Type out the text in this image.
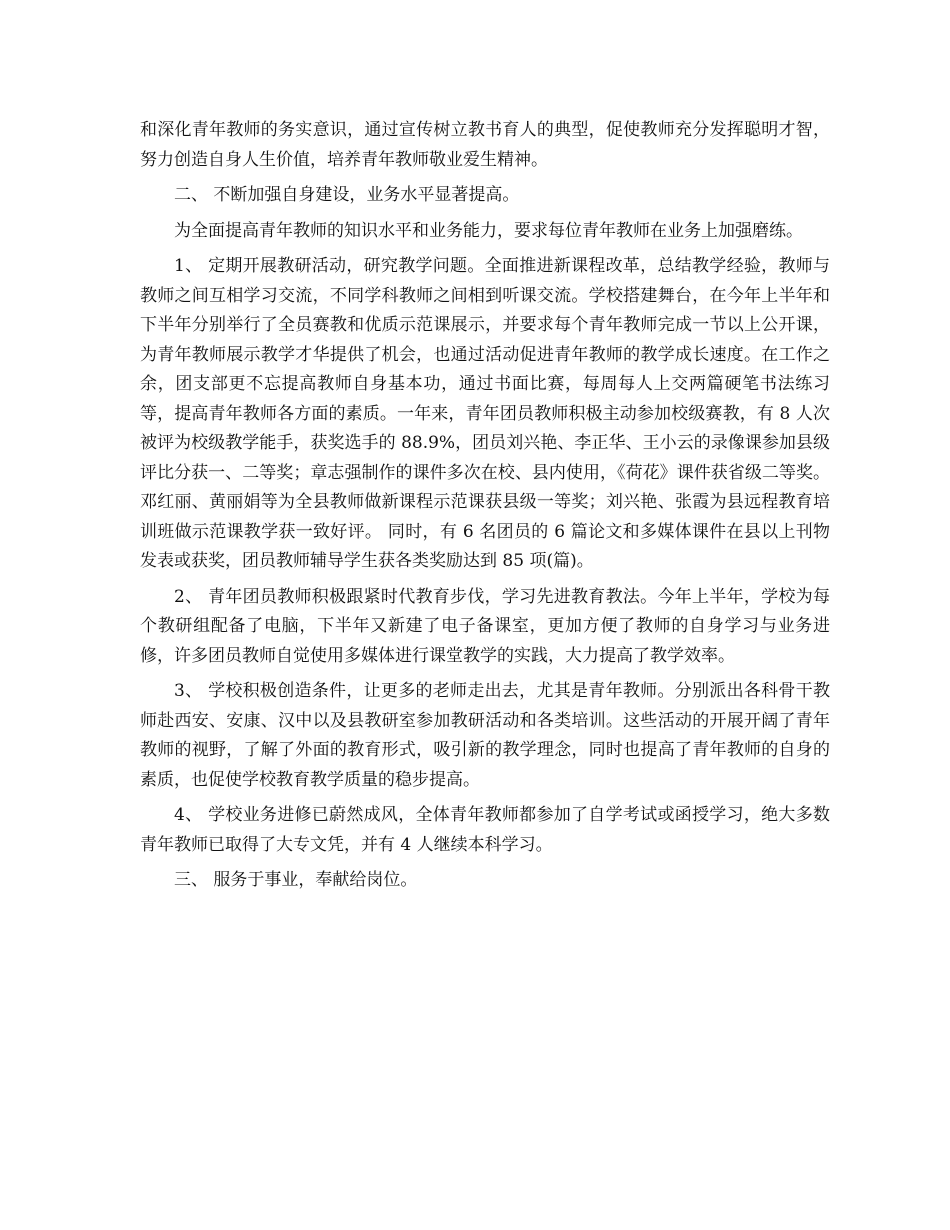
和深化青年教师的务实意识，通过宣传树立教书育人的典型，促使教师充分发挥聪明才智，努力创造自身人生价值，培养青年教师敬业爱生精神。

二、 不断加强自身建设，业务水平显著提高。

为全面提高青年教师的知识水平和业务能力，要求每位青年教师在业务上加强磨练。

1、 定期开展教研活动，研究教学问题。全面推进新课程改革，总结教学经验，教师与教师之间互相学习交流，不同学科教师之间相到听课交流。学校搭建舞台，在今年上半年和下半年分别举行了全员赛教和优质示范课展示，并要求每个青年教师完成一节以上公开课，为青年教师展示教学才华提供了机会，也通过活动促进青年教师的教学成长速度。在工作之余，团支部更不忘提高教师自身基本功，通过书面比赛，每周每人上交两篇硬笔书法练习等，提高青年教师各方面的素质。一年来，青年团员教师积极主动参加校级赛教，有 8 人次被评为校级教学能手，获奖选手的 88.9%，团员刘兴艳、李正华、王小云的录像课参加县级评比分获一、二等奖；章志强制作的课件多次在校、县内使用，《荷花》课件获省级二等奖。邓红丽、黄丽娟等为全县教师做新课程示范课获县级一等奖；刘兴艳、张霞为县远程教育培训班做示范课教学获一致好评。 同时，有 6 名团员的 6 篇论文和多媒体课件在县以上刊物发表或获奖，团员教师辅导学生获各类奖励达到 85 项(篇)。

2、 青年团员教师积极跟紧时代教育步伐，学习先进教育教法。今年上半年，学校为每个教研组配备了电脑，下半年又新建了电子备课室，更加方便了教师的自身学习与业务进修，许多团员教师自觉使用多媒体进行课堂教学的实践，大力提高了教学效率。

3、 学校积极创造条件，让更多的老师走出去，尤其是青年教师。分别派出各科骨干教师赴西安、安康、汉中以及县教研室参加教研活动和各类培训。这些活动的开展开阔了青年教师的视野，了解了外面的教育形式，吸引新的教学理念，同时也提高了青年教师的自身的素质，也促使学校教育教学质量的稳步提高。

4、 学校业务进修已蔚然成风，全体青年教师都参加了自学考试或函授学习，绝大多数青年教师已取得了大专文凭，并有 4 人继续本科学习。

三、 服务于事业，奉献给岗位。
